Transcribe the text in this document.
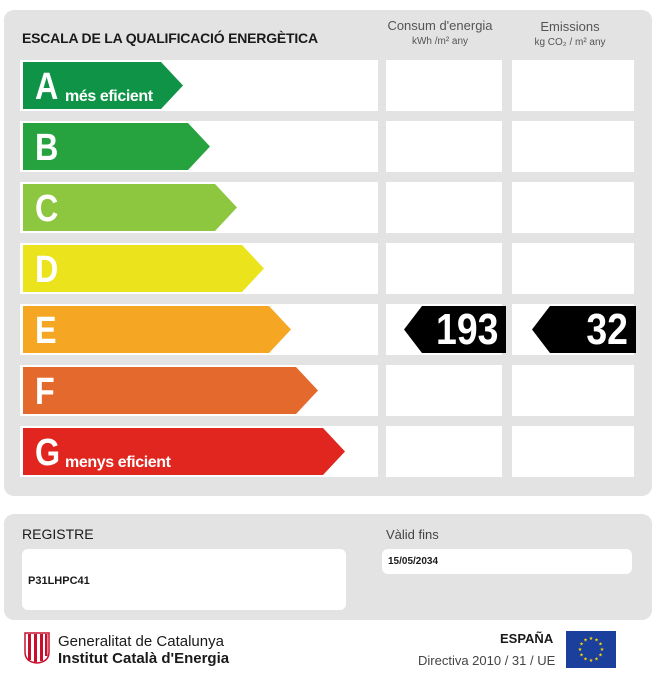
ESCALA DE LA QUALIFICACIÓ ENERGÈTICA
Consum d'energia
kWh /m² any
Emissions
kg CO₂ / m² any
A més eficient
B
C
D
E	193 32
F
G menys eficient
REGISTRE
P31LHPC41
Vàlid fins
15/05/2034
Generalitat de Catalunya
Institut Català d'Energia
ESPAÑA
Directiva 2010 / 31 / UE
★ ★
★
★
★
★
★
★
★
★
★
★
